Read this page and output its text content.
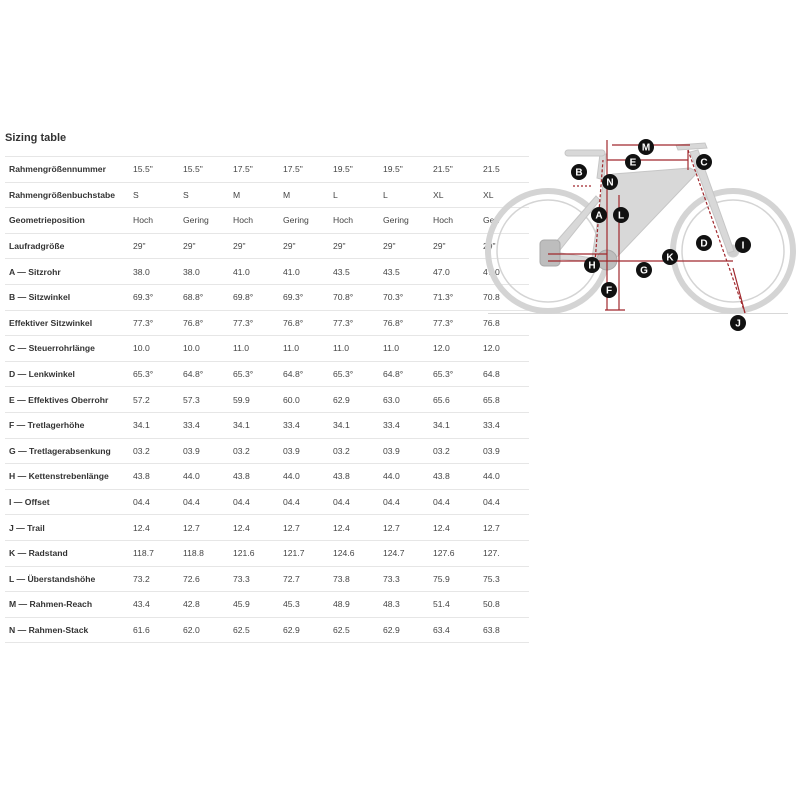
Sizing table
Rahmengrößennummer	15.5"	15.5"	17.5"	17.5"	19.5"	19.5"	21.5"	21.5
Rahmengrößenbuchstabe	S	S	M	M	L	L	XL	XL
Geometrieposition	Hoch	Gering	Hoch	Gering	Hoch	Gering	Hoch	Geri
Laufradgröße	29"	29"	29"	29"	29"	29"	29"	29"
A — Sitzrohr	38.0	38.0	41.0	41.0	43.5	43.5	47.0	47.0
B — Sitzwinkel	69.3°	68.8°	69.8°	69.3°	70.8°	70.3°	71.3°	70.8
Effektiver Sitzwinkel	77.3°	76.8°	77.3°	76.8°	77.3°	76.8°	77.3°	76.8
C — Steuerrohrlänge	10.0	10.0	11.0	11.0	11.0	11.0	12.0	12.0
D — Lenkwinkel	65.3°	64.8°	65.3°	64.8°	65.3°	64.8°	65.3°	64.8
E — Effektives Oberrohr	57.2	57.3	59.9	60.0	62.9	63.0	65.6	65.8
F — Tretlagerhöhe	34.1	33.4	34.1	33.4	34.1	33.4	34.1	33.4
G — Tretlagerabsenkung	03.2	03.9	03.2	03.9	03.2	03.9	03.2	03.9
H — Kettenstrebenlänge	43.8	44.0	43.8	44.0	43.8	44.0	43.8	44.0
I — Offset	04.4	04.4	04.4	04.4	04.4	04.4	04.4	04.4
J — Trail	12.4	12.7	12.4	12.7	12.4	12.7	12.4	12.7
K — Radstand	118.7	118.8	121.6	121.7	124.6	124.7	127.6	127.
L — Überstandshöhe	73.2	72.6	73.3	72.7	73.8	73.3	75.9	75.3
M — Rahmen-Reach	43.4	42.8	45.9	45.3	48.9	48.3	51.4	50.8
N — Rahmen-Stack	61.6	62.0	62.5	62.9	62.5	62.9	63.4	63.8
M
E	C
B
N
A L
D	I
H	G
K
F
J
